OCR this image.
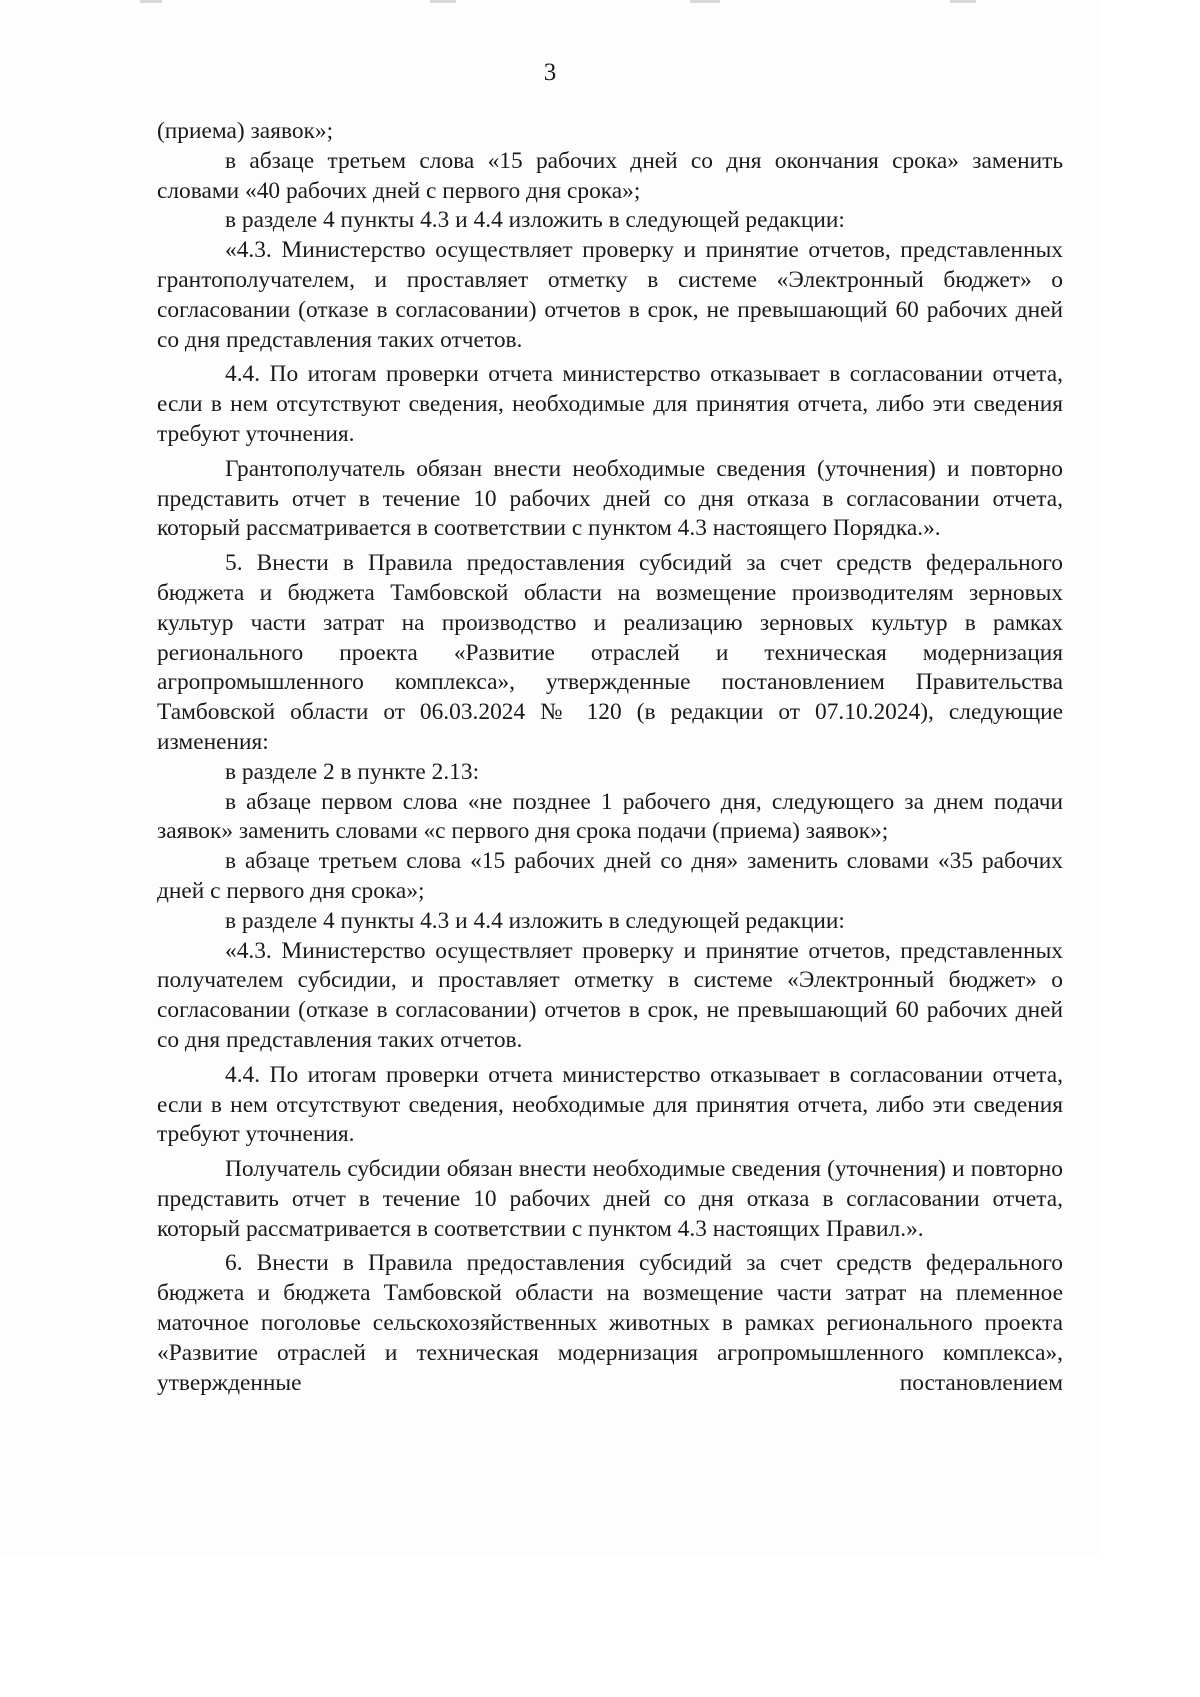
3

(приема) заявок»;

в абзаце третьем слова «15 рабочих дней со дня окончания срока» заменить словами «40 рабочих дней с первого дня срока»;

в разделе 4 пункты 4.3 и 4.4 изложить в следующей редакции:

«4.3. Министерство осуществляет проверку и принятие отчетов, представленных грантополучателем, и проставляет отметку в системе «Электронный бюджет» о согласовании (отказе в согласовании) отчетов в срок, не превышающий 60 рабочих дней со дня представления таких отчетов.

4.4. По итогам проверки отчета министерство отказывает в согласовании отчета, если в нем отсутствуют сведения, необходимые для принятия отчета, либо эти сведения требуют уточнения.

Грантополучатель обязан внести необходимые сведения (уточнения) и повторно представить отчет в течение 10 рабочих дней со дня отказа в согласовании отчета, который рассматривается в соответствии с пунктом 4.3 настоящего Порядка.».

5. Внести в Правила предоставления субсидий за счет средств федерального бюджета и бюджета Тамбовской области на возмещение производителям зерновых культур части затрат на производство и реализацию зерновых культур в рамках регионального проекта «Развитие отраслей и техническая модернизация агропромышленного комплекса», утвержденные постановлением Правительства Тамбовской области от 06.03.2024 № 120 (в редакции от 07.10.2024), следующие изменения:

в разделе 2 в пункте 2.13:

в абзаце первом слова «не позднее 1 рабочего дня, следующего за днем подачи заявок» заменить словами «с первого дня срока подачи (приема) заявок»;

в абзаце третьем слова «15 рабочих дней со дня» заменить словами «35 рабочих дней с первого дня срока»;

в разделе 4 пункты 4.3 и 4.4 изложить в следующей редакции:

«4.3. Министерство осуществляет проверку и принятие отчетов, представленных получателем субсидии, и проставляет отметку в системе «Электронный бюджет» о согласовании (отказе в согласовании) отчетов в срок, не превышающий 60 рабочих дней со дня представления таких отчетов.

4.4. По итогам проверки отчета министерство отказывает в согласовании отчета, если в нем отсутствуют сведения, необходимые для принятия отчета, либо эти сведения требуют уточнения.

Получатель субсидии обязан внести необходимые сведения (уточнения) и повторно представить отчет в течение 10 рабочих дней со дня отказа в согласовании отчета, который рассматривается в соответствии с пунктом 4.3 настоящих Правил.».

6. Внести в Правила предоставления субсидий за счет средств федерального бюджета и бюджета Тамбовской области на возмещение части затрат на племенное маточное поголовье сельскохозяйственных животных в рамках регионального проекта «Развитие отраслей и техническая модернизация агропромышленного комплекса», утвержденные постановлением
